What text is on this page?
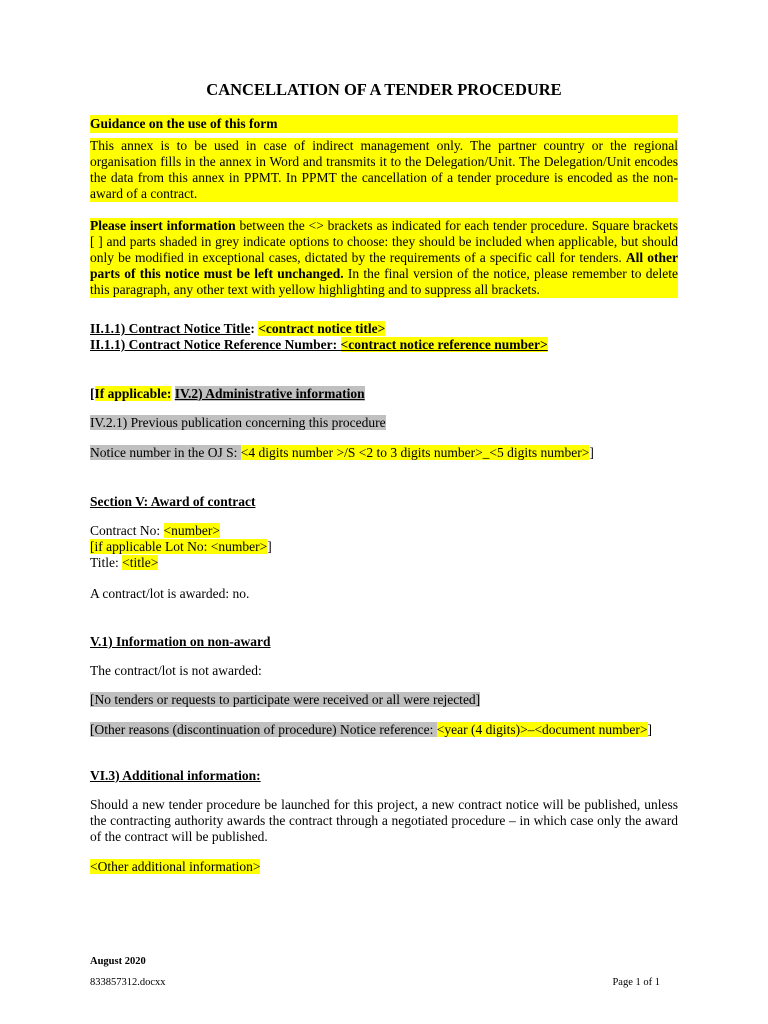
CANCELLATION OF A TENDER PROCEDURE
Guidance on the use of this form
This annex is to be used in case of indirect management only. The partner country or the regional organisation fills in the annex in Word and transmits it to the Delegation/Unit. The Delegation/Unit encodes the data from this annex in PPMT. In PPMT the cancellation of a tender procedure is encoded as the non-award of a contract.
Please insert information between the <> brackets as indicated for each tender procedure. Square brackets [ ] and parts shaded in grey indicate options to choose: they should be included when applicable, but should only be modified in exceptional cases, dictated by the requirements of a specific call for tenders. All other parts of this notice must be left unchanged. In the final version of the notice, please remember to delete this paragraph, any other text with yellow highlighting and to suppress all brackets.
II.1.1) Contract Notice Title: <contract notice title>
II.1.1) Contract Notice Reference Number: <contract notice reference number>
[If applicable: IV.2) Administrative information
IV.2.1) Previous publication concerning this procedure
Notice number in the OJ S: <4 digits number >/S <2 to 3 digits number>_<5 digits number>]
Section V: Award of contract
Contract No: <number>
[if applicable Lot No: <number>]
Title: <title>
A contract/lot is awarded: no.
V.1) Information on non-award
The contract/lot is not awarded:
[No tenders or requests to participate were received or all were rejected]
[Other reasons (discontinuation of procedure) Notice reference: <year (4 digits)>–<document number>]
VI.3) Additional information:
Should a new tender procedure be launched for this project, a new contract notice will be published, unless the contracting authority awards the contract through a negotiated procedure – in which case only the award of the contract will be published.
<Other additional information>
August 2020
833857312.docxx	Page 1 of 1
